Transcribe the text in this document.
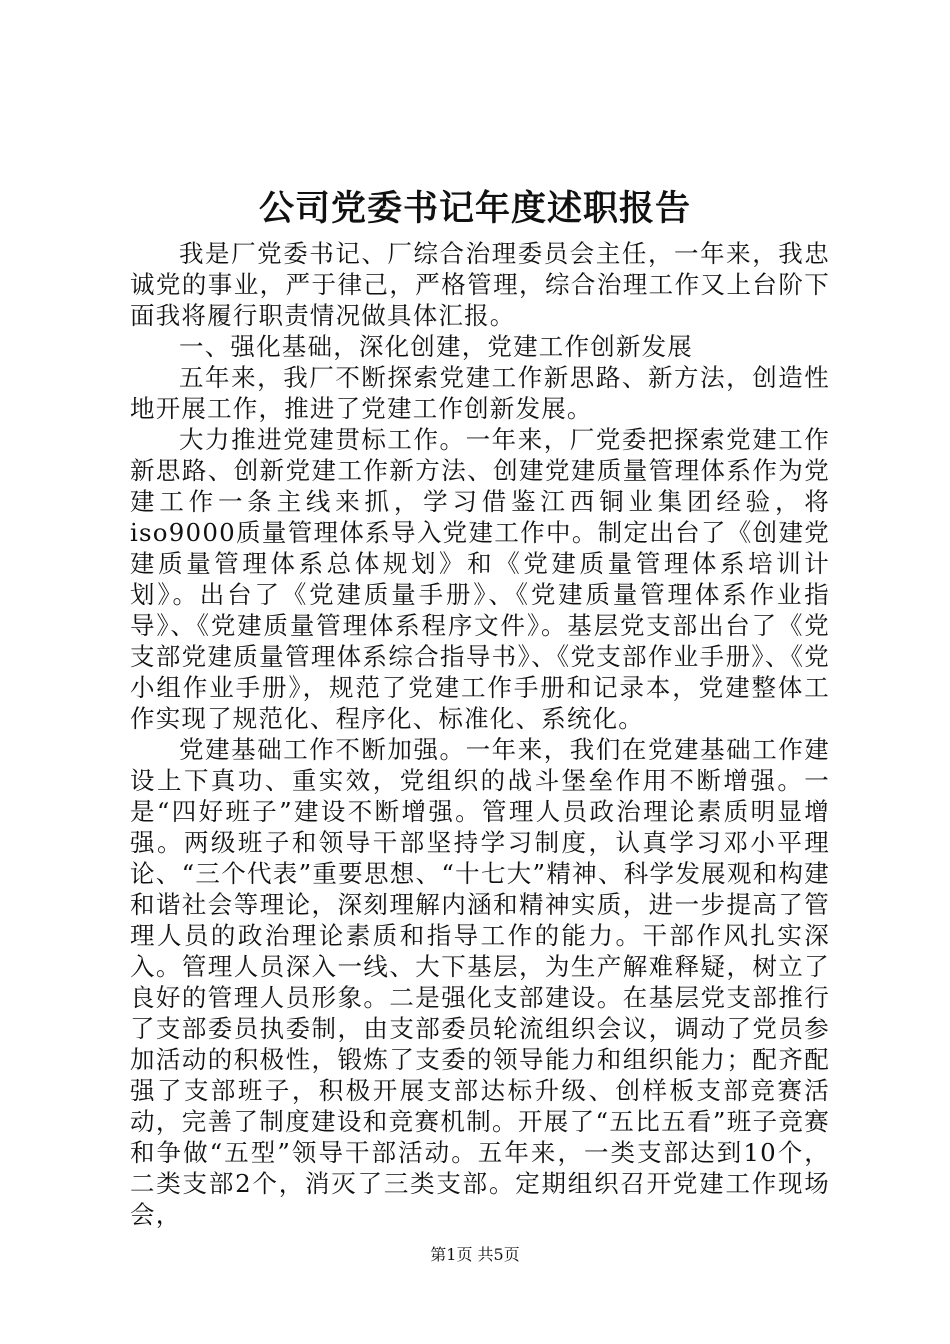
公司党委书记年度述职报告

我是厂党委书记、厂综合治理委员会主任，一年来，我忠诚党的事业，严于律己，严格管理，综合治理工作又上台阶下面我将履行职责情况做具体汇报。

一、强化基础，深化创建，党建工作创新发展

五年来，我厂不断探索党建工作新思路、新方法，创造性地开展工作，推进了党建工作创新发展。

大力推进党建贯标工作。一年来，厂党委把探索党建工作新思路、创新党建工作新方法、创建党建质量管理体系作为党建工作一条主线来抓，学习借鉴江西铜业集团经验，将iso9000质量管理体系导入党建工作中。制定出台了《创建党建质量管理体系总体规划》和《党建质量管理体系培训计划》。出台了《党建质量手册》、《党建质量管理体系作业指导》、《党建质量管理体系程序文件》。基层党支部出台了《党支部党建质量管理体系综合指导书》、《党支部作业手册》、《党小组作业手册》，规范了党建工作手册和记录本，党建整体工作实现了规范化、程序化、标准化、系统化。

党建基础工作不断加强。一年来，我们在党建基础工作建设上下真功、重实效，党组织的战斗堡垒作用不断增强。一是“四好班子”建设不断增强。管理人员政治理论素质明显增强。两级班子和领导干部坚持学习制度，认真学习邓小平理论、“三个代表”重要思想、“十七大”精神、科学发展观和构建和谐社会等理论，深刻理解内涵和精神实质，进一步提高了管理人员的政治理论素质和指导工作的能力。干部作风扎实深入。管理人员深入一线、大下基层，为生产解难释疑，树立了良好的管理人员形象。二是强化支部建设。在基层党支部推行了支部委员执委制，由支部委员轮流组织会议，调动了党员参加活动的积极性，锻炼了支委的领导能力和组织能力；配齐配强了支部班子，积极开展支部达标升级、创样板支部竞赛活动，完善了制度建设和竞赛机制。开展了“五比五看”班子竞赛和争做“五型”领导干部活动。五年来，一类支部达到10个，二类支部2个，消灭了三类支部。定期组织召开党建工作现场会，

第1页 共5页
